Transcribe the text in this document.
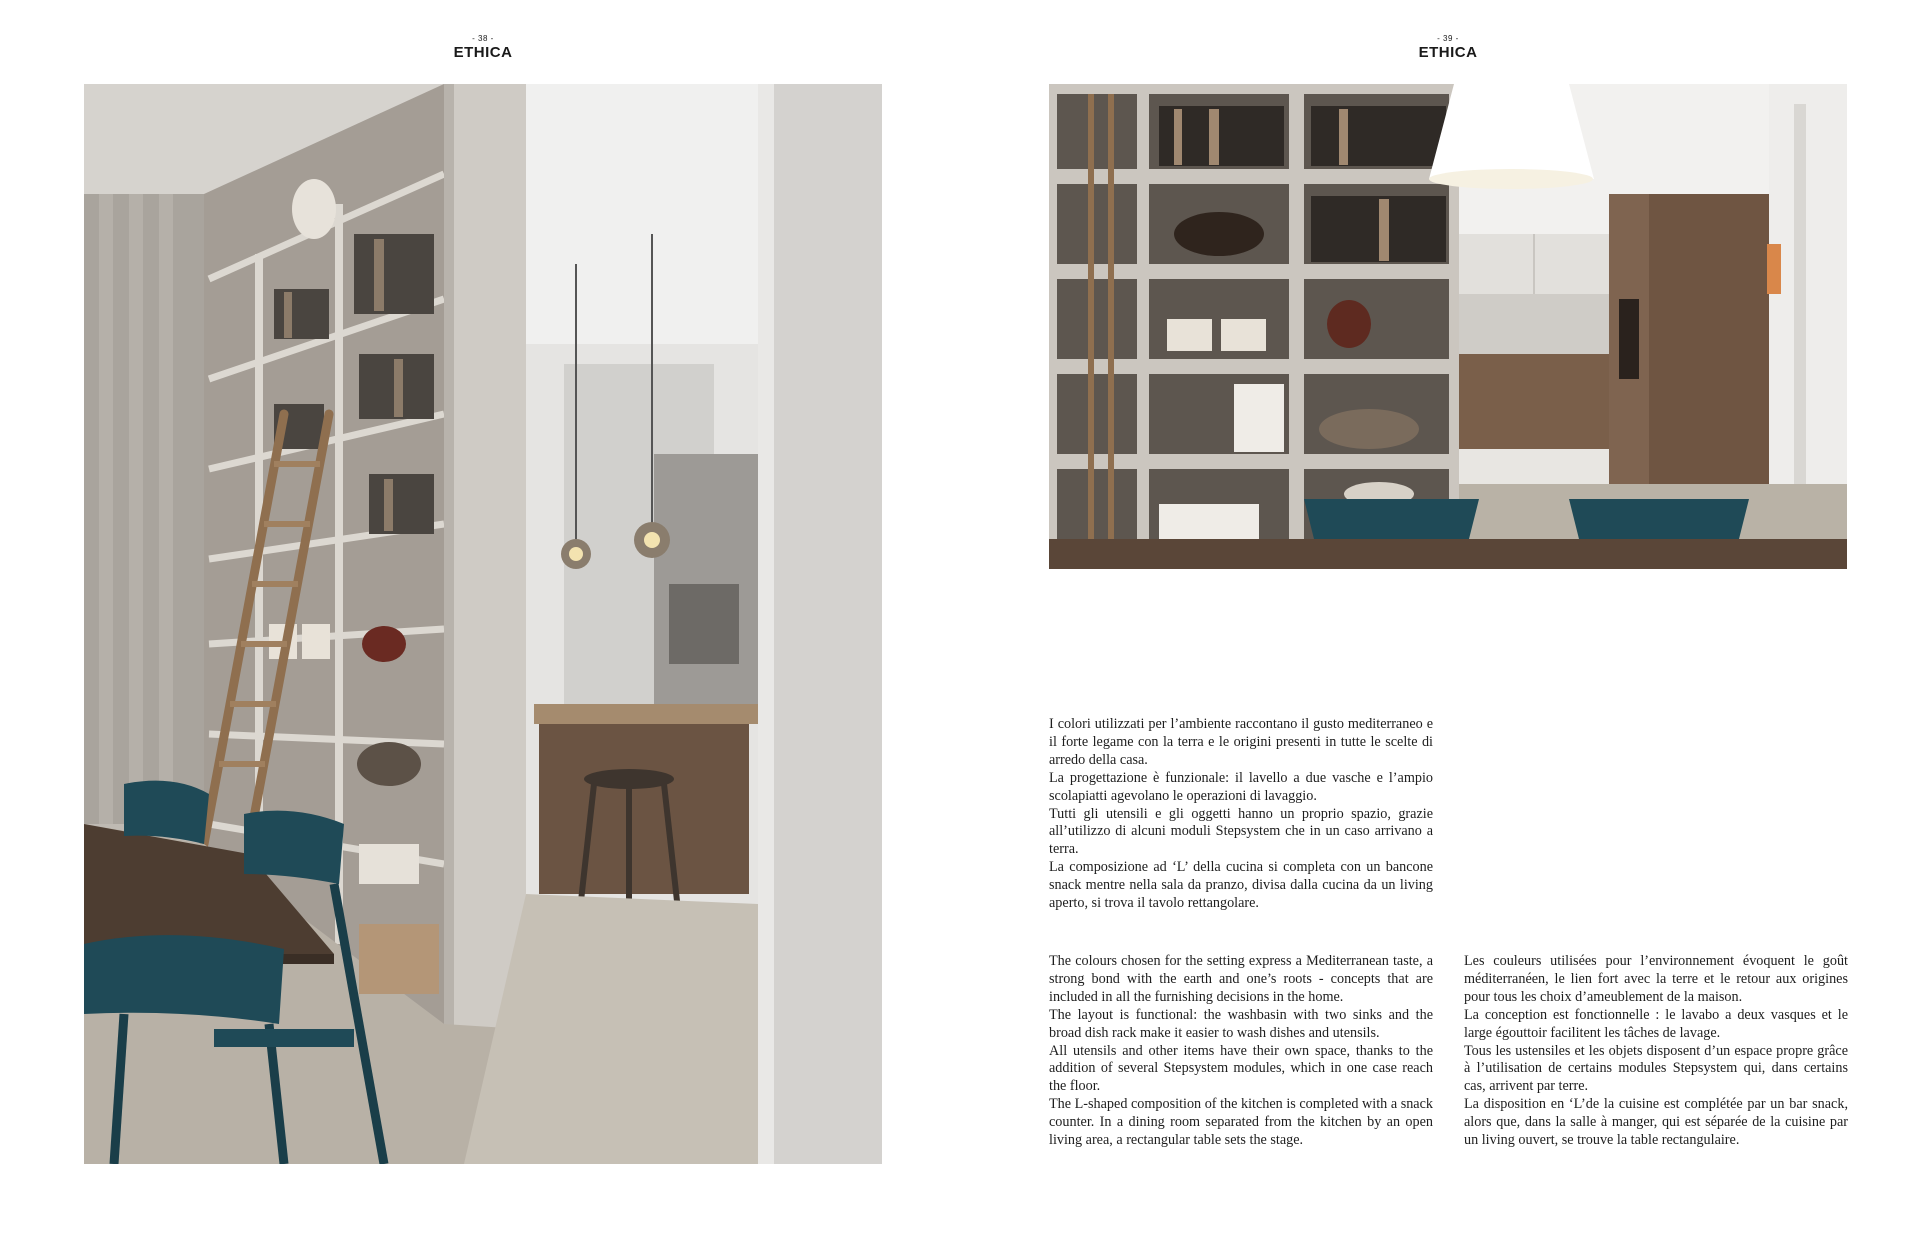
- 38 -
ETHICA
- 39 -
ETHICA

I colori utilizzati per l’ambiente raccontano il gusto mediterraneo e il forte legame con la terra e le origini presenti in tutte le scelte di arredo della casa.

La progettazione è funzionale: il lavello a due vasche e l’ampio scolapiatti agevolano le operazioni di lavaggio.

Tutti gli utensili e gli oggetti hanno un proprio spazio, grazie all’utilizzo di alcuni moduli Stepsystem che in un caso arrivano a terra.

La composizione ad ‘L’ della cucina si completa con un bancone snack mentre nella sala da pranzo, divisa dalla cucina da un living aperto, si trova il tavolo rettangolare.

The colours chosen for the setting express a Mediterranean taste, a strong bond with the earth and one’s roots - concepts that are included in all the furnishing decisions in the home.

The layout is functional: the washbasin with two sinks and the broad dish rack make it easier to wash dishes and utensils.

All utensils and other items have their own space, thanks to the addition of several Stepsystem modules, which in one case reach the floor.

The L-shaped composition of the kitchen is completed with a snack counter. In a dining room separated from the kitchen by an open living area, a rectangular table sets the stage.

Les couleurs utilisées pour l’environnement évoquent le goût méditerranéen, le lien fort avec la terre et le retour aux origines pour tous les choix d’ameublement de la maison.

La conception est fonctionnelle : le lavabo a deux vasques et le large égouttoir facilitent les tâches de lavage.

Tous les ustensiles et les objets disposent d’un espace propre grâce à l’utilisation de certains modules Stepsystem qui, dans certains cas, arrivent par terre.

La disposition en ‘L’de la cuisine est complétée par un bar snack, alors que, dans la salle à manger, qui est séparée de la cuisine par un living ouvert, se trouve la table rectangulaire.
